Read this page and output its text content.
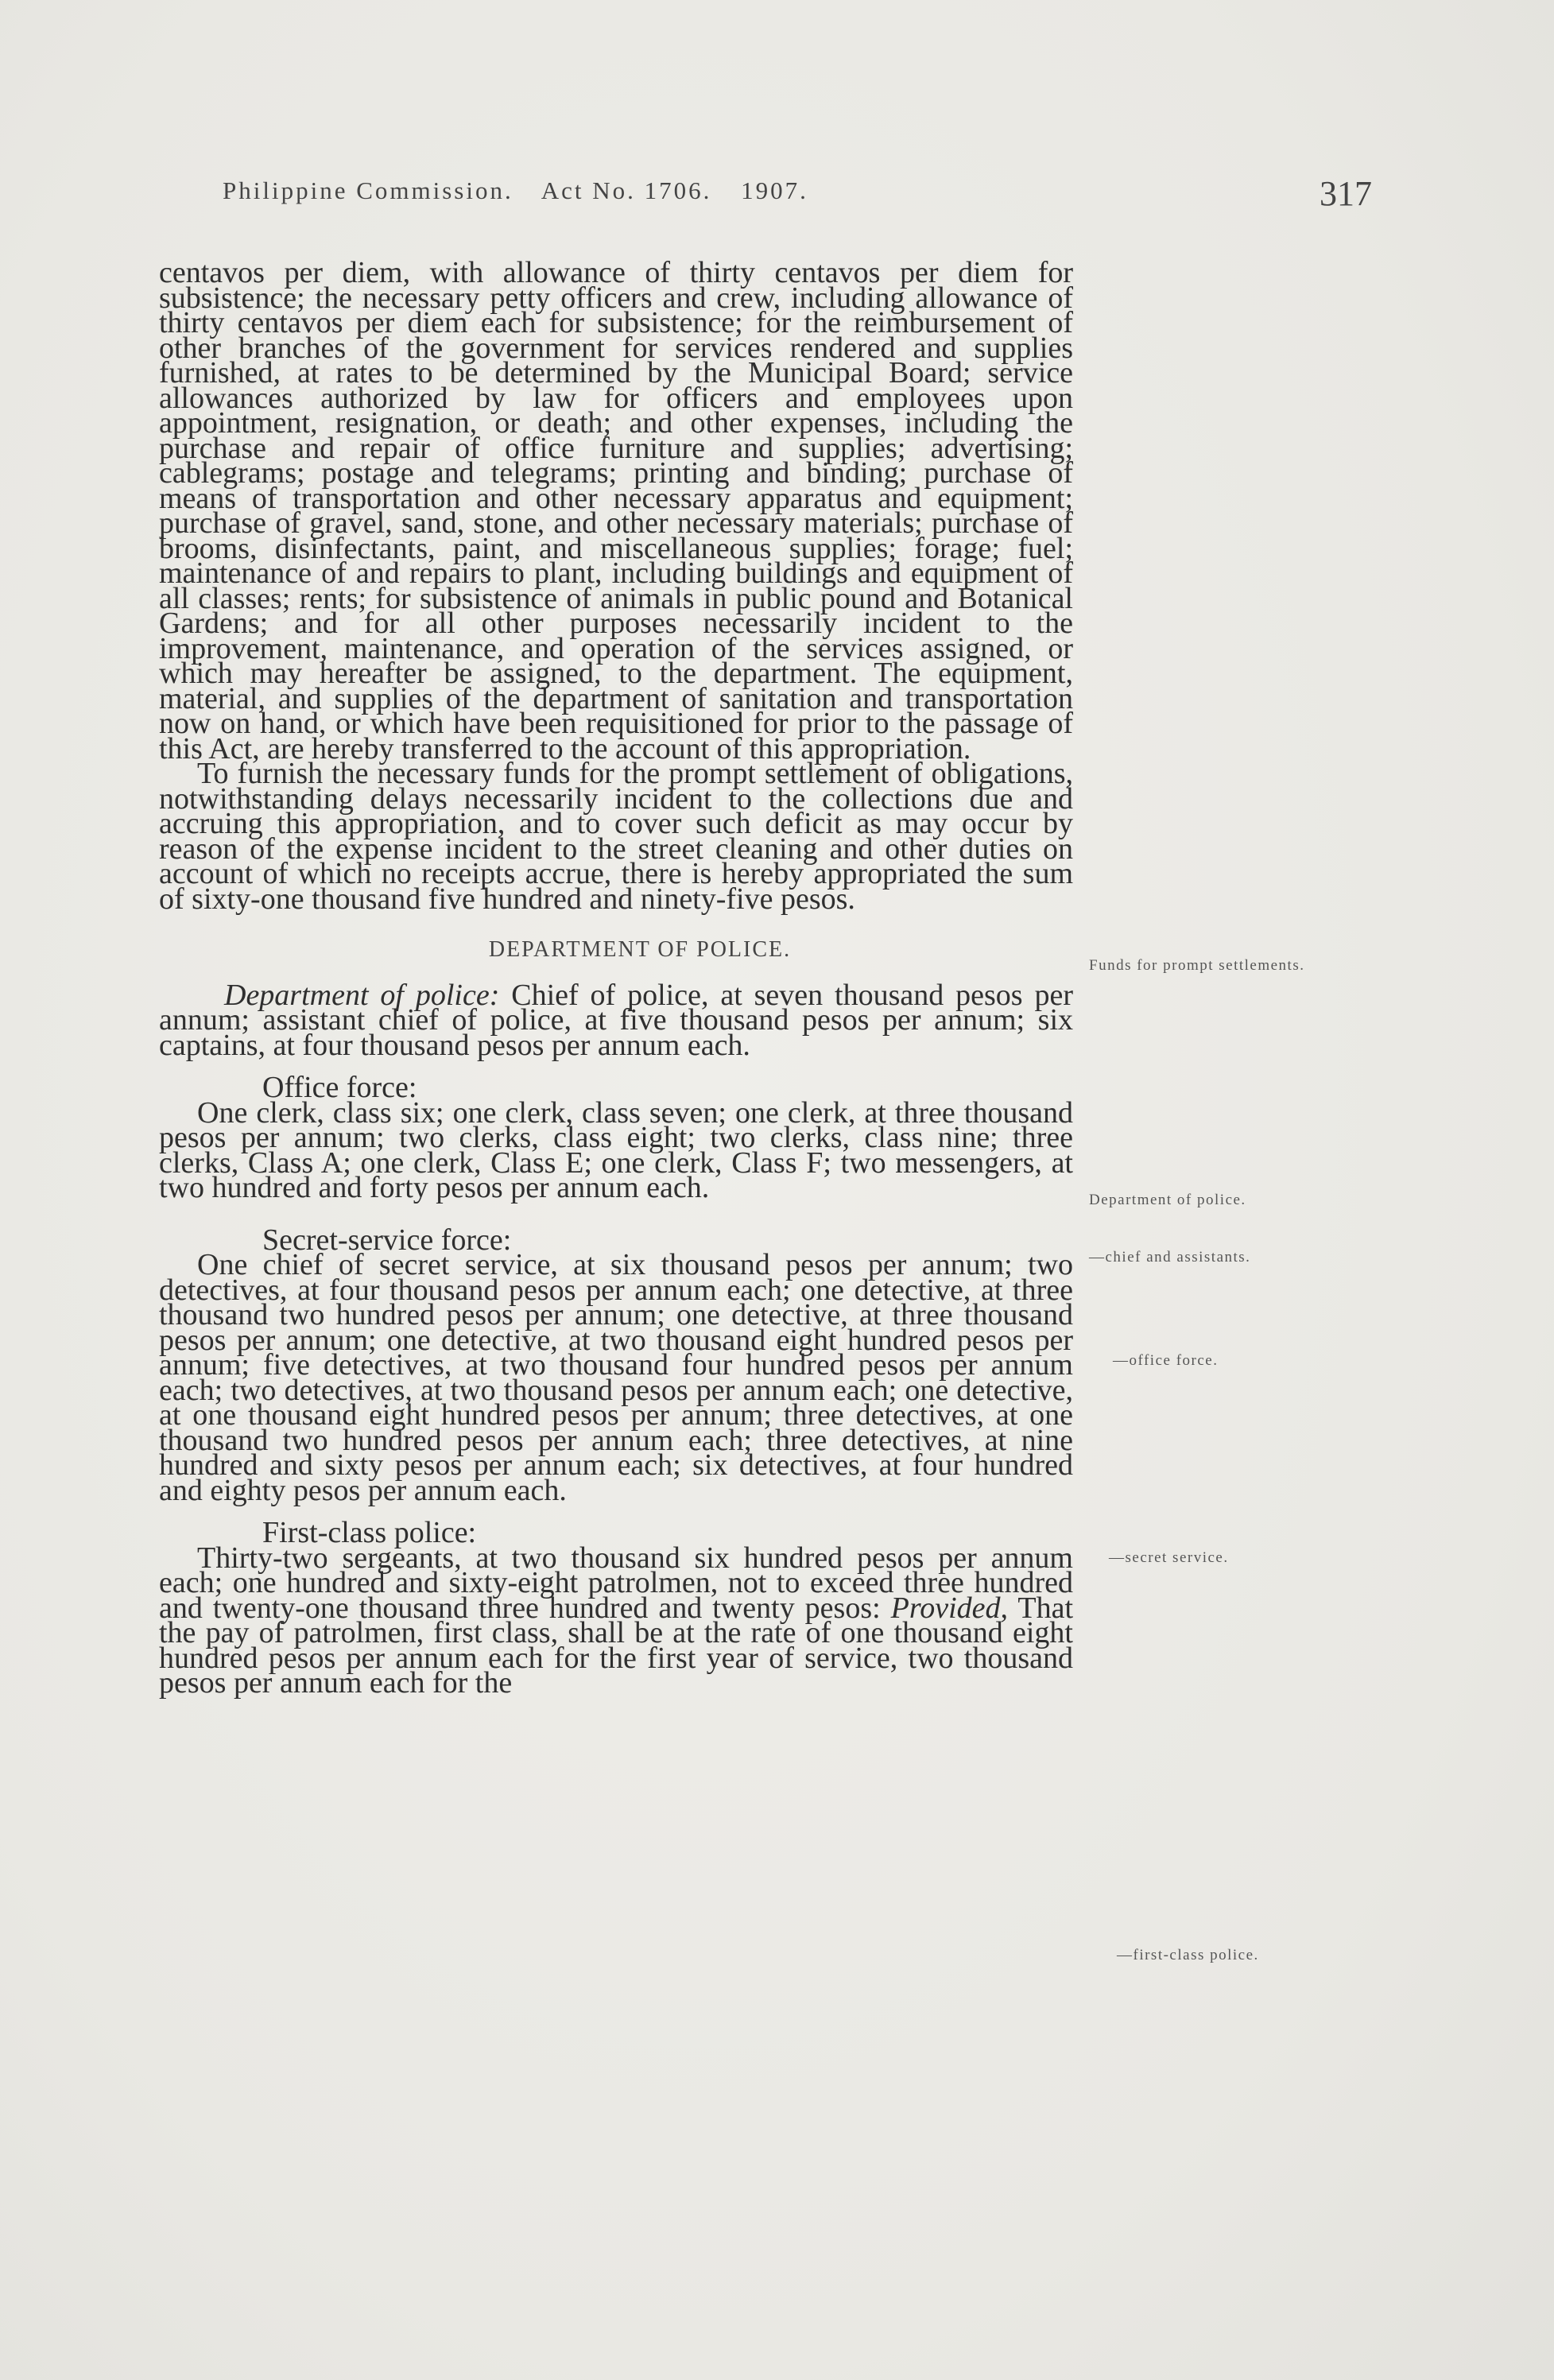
Philippine Commission. Act No. 1706. 1907.	317

centavos per diem, with allowance of thirty centavos per diem for subsistence; the necessary petty officers and crew, including allowance of thirty centavos per diem each for subsistence; for the reimbursement of other branches of the government for services rendered and supplies furnished, at rates to be determined by the Municipal Board; service allowances authorized by law for officers and employees upon appointment, resignation, or death; and other expenses, including the purchase and repair of office furniture and supplies; advertising; cablegrams; postage and telegrams; printing and binding; purchase of means of transportation and other necessary apparatus and equipment; purchase of gravel, sand, stone, and other necessary materials; purchase of brooms, disinfectants, paint, and miscellaneous supplies; forage; fuel; maintenance of and repairs to plant, including buildings and equipment of all classes; rents; for subsistence of animals in public pound and Botanical Gardens; and for all other purposes necessarily incident to the improvement, maintenance, and operation of the services assigned, or which may hereafter be assigned, to the department. The equipment, material, and supplies of the department of sanitation and transportation now on hand, or which have been requisitioned for prior to the passage of this Act, are hereby transferred to the account of this appropriation.

To furnish the necessary funds for the prompt settlement of obligations, notwithstanding delays necessarily incident to the collections due and accruing this appropriation, and to cover such deficit as may occur by reason of the expense incident to the street cleaning and other duties on account of which no receipts accrue, there is hereby appropriated the sum of sixty-one thousand five hundred and ninety-five pesos.

DEPARTMENT OF POLICE.

Department of police: Chief of police, at seven thousand pesos per annum; assistant chief of police, at five thousand pesos per annum; six captains, at four thousand pesos per annum each.

Office force:

One clerk, class six; one clerk, class seven; one clerk, at three thousand pesos per annum; two clerks, class eight; two clerks, class nine; three clerks, Class A; one clerk, Class E; one clerk, Class F; two messengers, at two hundred and forty pesos per annum each.

Secret-service force:

One chief of secret service, at six thousand pesos per annum; two detectives, at four thousand pesos per annum each; one detective, at three thousand two hundred pesos per annum; one detective, at three thousand pesos per annum; one detective, at two thousand eight hundred pesos per annum; five detectives, at two thousand four hundred pesos per annum each; two detectives, at two thousand pesos per annum each; one detective, at one thousand eight hundred pesos per annum; three detectives, at one thousand two hundred pesos per annum each; three detectives, at nine hundred and sixty pesos per annum each; six detectives, at four hundred and eighty pesos per annum each.

First-class police:

Thirty-two sergeants, at two thousand six hundred pesos per annum each; one hundred and sixty-eight patrolmen, not to exceed three hundred and twenty-one thousand three hundred and twenty pesos: Provided, That the pay of patrolmen, first class, shall be at the rate of one thousand eight hundred pesos per annum each for the first year of service, two thousand pesos per annum each for the

Funds for prompt settlements.
Department of police.
—chief and assistants.
—office force.
—secret service.
—first-class police.
